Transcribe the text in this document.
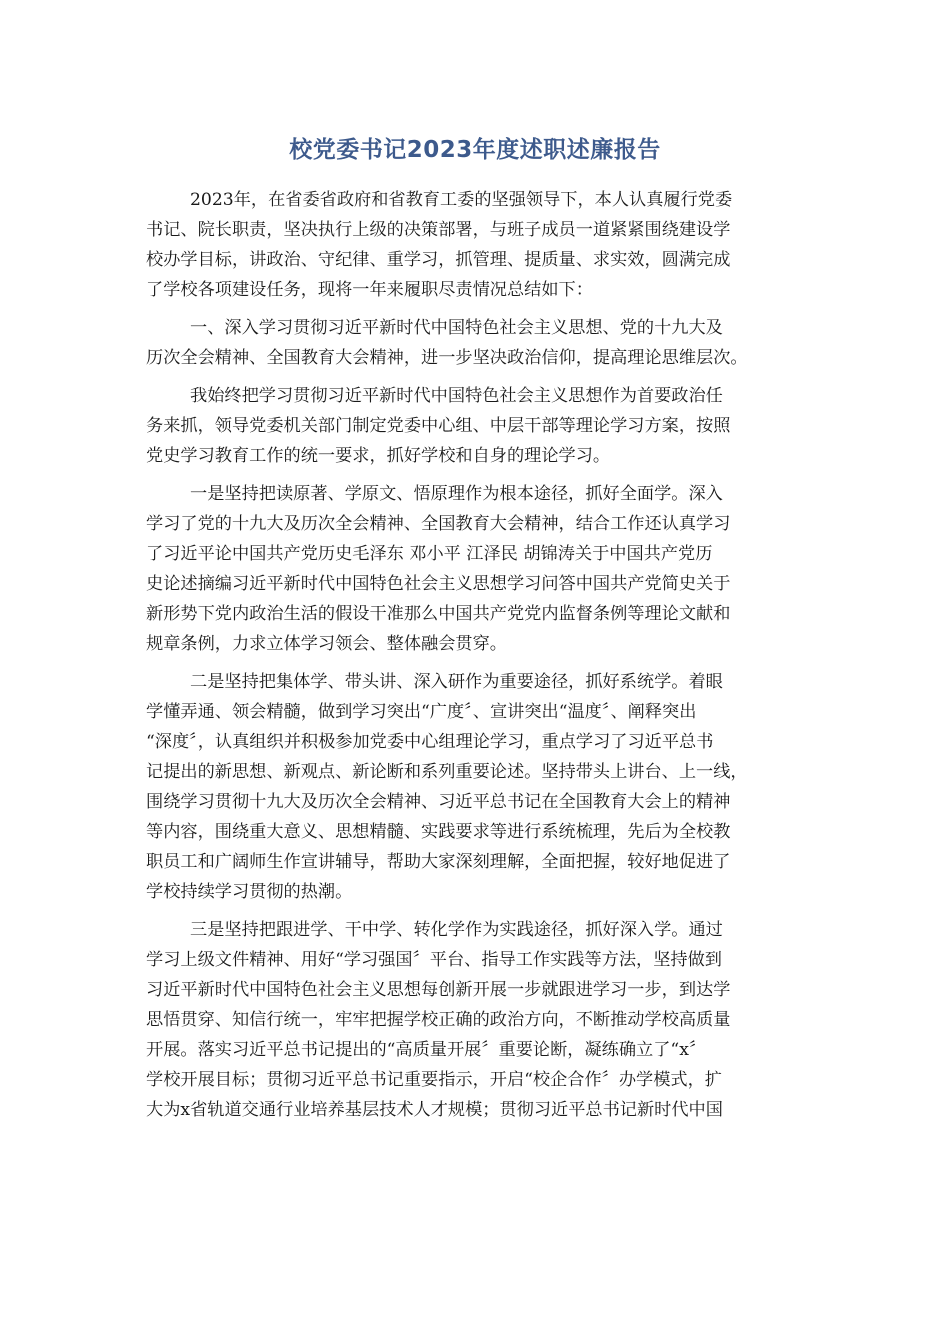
校党委书记2023年度述职述廉报告
2023年，在省委省政府和省教育工委的坚强领导下，本人认真履行党委
书记、院长职责，坚决执行上级的决策部署，与班子成员一道紧紧围绕建设学
校办学目标，讲政治、守纪律、重学习，抓管理、提质量、求实效，圆满完成
了学校各项建设任务，现将一年来履职尽责情况总结如下：
一、深入学习贯彻习近平新时代中国特色社会主义思想、党的十九大及
历次全会精神、全国教育大会精神，进一步坚决政治信仰，提高理论思维层次。
我始终把学习贯彻习近平新时代中国特色社会主义思想作为首要政治任
务来抓，领导党委机关部门制定党委中心组、中层干部等理论学习方案，按照
党史学习教育工作的统一要求，抓好学校和自身的理论学习。
一是坚持把读原著、学原文、悟原理作为根本途径，抓好全面学。深入
学习了党的十九大及历次全会精神、全国教育大会精神，结合工作还认真学习
了习近平论中国共产党历史毛泽东 邓小平 江泽民 胡锦涛关于中国共产党历
史论述摘编习近平新时代中国特色社会主义思想学习问答中国共产党简史关于
新形势下党内政治生活的假设干准那么中国共产党党内监督条例等理论文献和
规章条例，力求立体学习领会、整体融会贯穿。
二是坚持把集体学、带头讲、深入研作为重要途径，抓好系统学。着眼
学懂弄通、领会精髓，做到学习突出“广度〞、宣讲突出“温度〞、阐释突出
“深度〞，认真组织并积极参加党委中心组理论学习，重点学习了习近平总书
记提出的新思想、新观点、新论断和系列重要论述。坚持带头上讲台、上一线，
围绕学习贯彻十九大及历次全会精神、习近平总书记在全国教育大会上的精神
等内容，围绕重大意义、思想精髓、实践要求等进行系统梳理，先后为全校教
职员工和广阔师生作宣讲辅导，帮助大家深刻理解，全面把握，较好地促进了
学校持续学习贯彻的热潮。
三是坚持把跟进学、干中学、转化学作为实践途径，抓好深入学。通过
学习上级文件精神、用好“学习强国〞平台、指导工作实践等方法，坚持做到
习近平新时代中国特色社会主义思想每创新开展一步就跟进学习一步，到达学
思悟贯穿、知信行统一，牢牢把握学校正确的政治方向，不断推动学校高质量
开展。落实习近平总书记提出的“高质量开展〞重要论断，凝练确立了“x〞
学校开展目标；贯彻习近平总书记重要指示，开启“校企合作〞办学模式，扩
大为x省轨道交通行业培养基层技术人才规模；贯彻习近平总书记新时代中国
